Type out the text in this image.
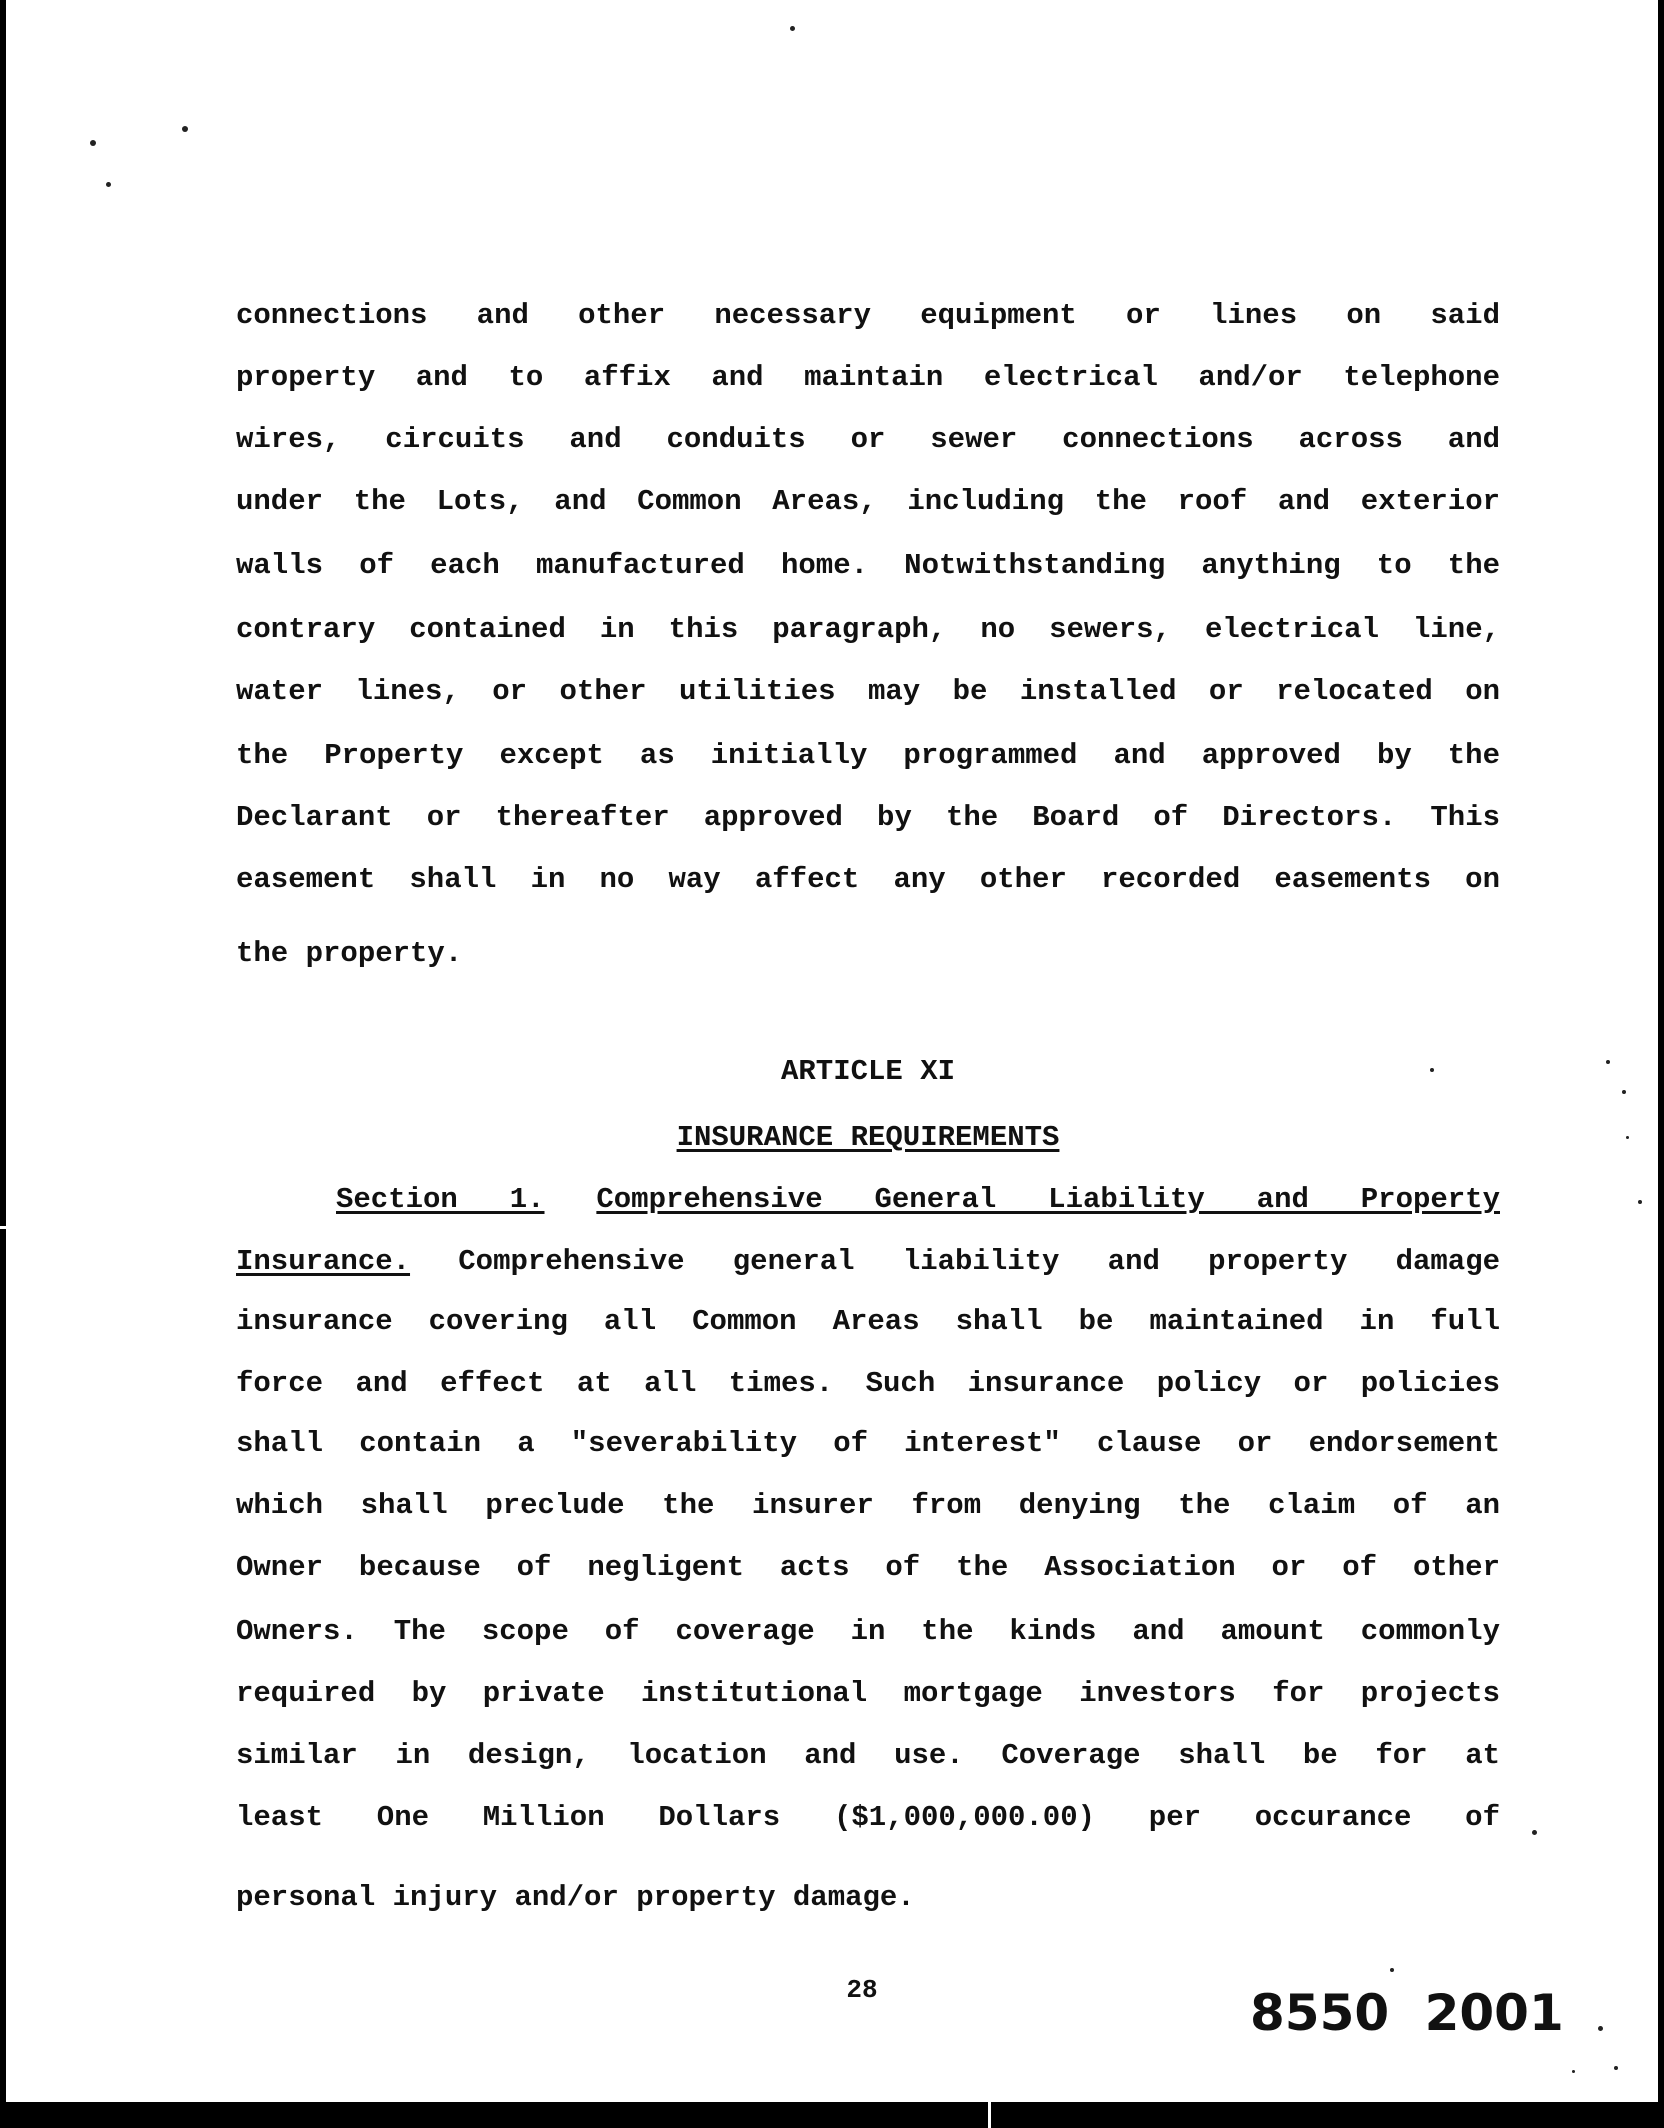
connections and other necessary equipment or lines on said
property and to affix and maintain electrical and/or telephone
wires, circuits and conduits or sewer connections across and
under the Lots, and Common Areas, including the roof and exterior
walls of each manufactured home. Notwithstanding anything to the
contrary contained in this paragraph, no sewers, electrical line,
water lines, or other utilities may be installed or relocated on
the Property except as initially programmed and approved by the
Declarant or thereafter approved by the Board of Directors. This
easement shall in no way affect any other recorded easements on
the property.
ARTICLE XI
INSURANCE REQUIREMENTS
Section 1. Comprehensive General Liability and Property
Insurance. Comprehensive general liability and property damage
insurance covering all Common Areas shall be maintained in full
force and effect at all times. Such insurance policy or policies
shall contain a "severability of interest" clause or endorsement
which shall preclude the insurer from denying the claim of an
Owner because of negligent acts of the Association or of other
Owners. The scope of coverage in the kinds and amount commonly
required by private institutional mortgage investors for projects
similar in design, location and use. Coverage shall be for at
least One Million Dollars ($1,000,000.00) per occurance of
personal injury and/or property damage.
28	8550 2001
